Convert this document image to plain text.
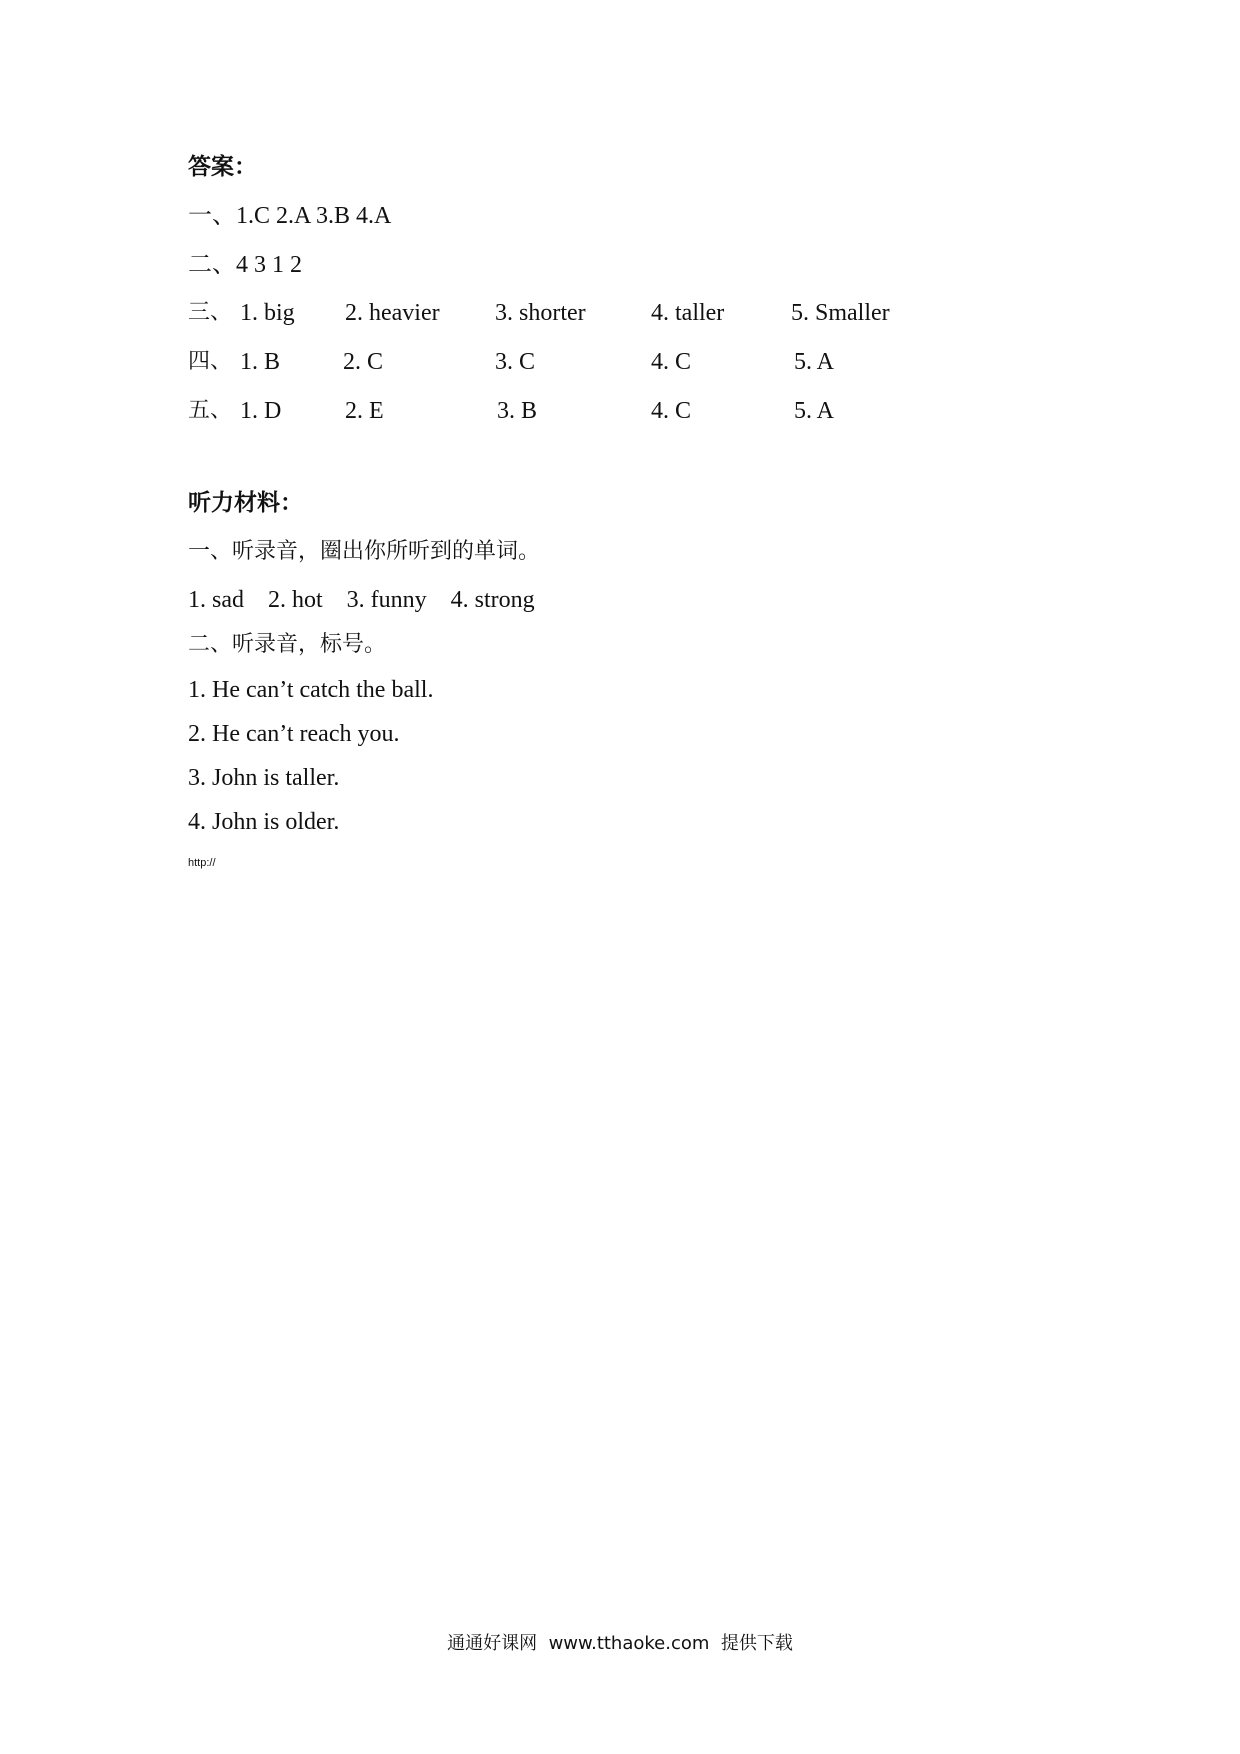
答案：
一、1.C 2.A 3.B 4.A
二、4 3 1 2
三、 1. big 2. heavier 3. shorter	4. taller	5. Smaller
四、 1. B	2. C	3. C	4. C	5. A
五、 1. D	2. E	3. B	4. C	5. A
听力材料：
一、听录音，圈出你所听到的单词。
1. sad    2. hot    3. funny    4. strong
二、听录音，标号。
1. He can’t catch the ball.
2. He can’t reach you.
3. John is taller.
4. John is older.
http://
通通好课网  www.tthaoke.com  提供下载
